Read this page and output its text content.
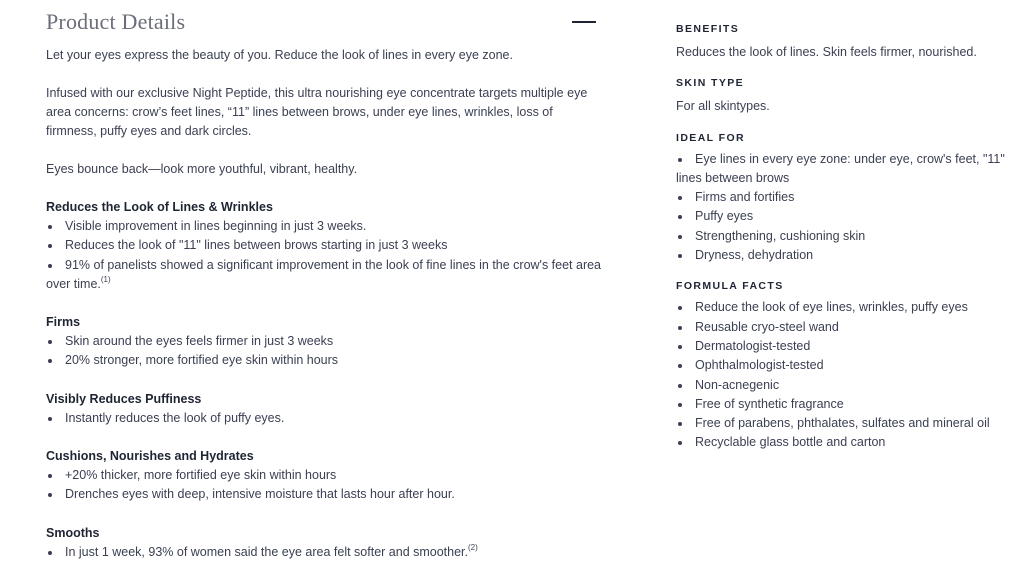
Product Details

Let your eyes express the beauty of you. Reduce the look of lines in every eye zone.

Infused with our exclusive Night Peptide, this ultra nourishing eye concentrate targets multiple eye area concerns: crow’s feet lines, “11” lines between brows, under eye lines, wrinkles, loss of firmness, puffy eyes and dark circles.

Eyes bounce back—look more youthful, vibrant, healthy.

Reduces the Look of Lines & Wrinkles
Visible improvement in lines beginning in just 3 weeks.
Reduces the look of "11" lines between brows starting in just 3 weeks
91% of panelists showed a significant improvement in the look of fine lines in the crow's feet area over time.$^{(1)}$
Firms
Skin around the eyes feels firmer in just 3 weeks
20% stronger, more fortified eye skin within hours
Visibly Reduces Puffiness
Instantly reduces the look of puffy eyes.
Cushions, Nourishes and Hydrates
+20% thicker, more fortified eye skin within hours
Drenches eyes with deep, intensive moisture that lasts hour after hour.
Smooths
In just 1 week, 93% of women said the eye area felt softer and smoother.$^{(2)}$
BENEFITS

Reduces the look of lines. Skin feels firmer, nourished.

SKIN TYPE

For all skintypes.

IDEAL FOR
Eye lines in every eye zone: under eye, crow's feet, "11" lines between brows
Firms and fortifies
Puffy eyes
Strengthening, cushioning skin
Dryness, dehydration
FORMULA FACTS
Reduce the look of eye lines, wrinkles, puffy eyes
Reusable cryo-steel wand
Dermatologist-tested
Ophthalmologist-tested
Non-acnegenic
Free of synthetic fragrance
Free of parabens, phthalates, sulfates and mineral oil
Recyclable glass bottle and carton
